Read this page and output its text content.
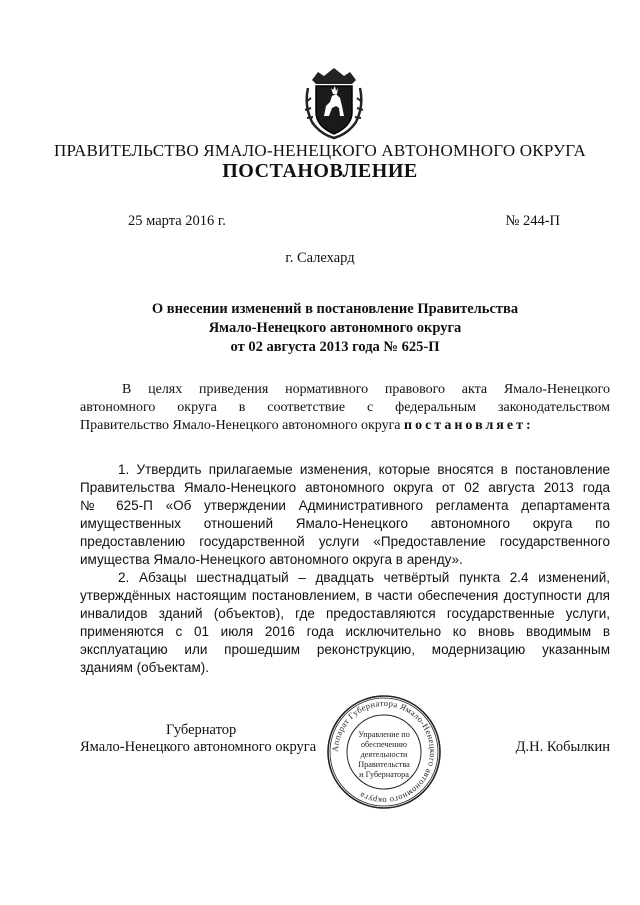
ПРАВИТЕЛЬСТВО ЯМАЛО-НЕНЕЦКОГО АВТОНОМНОГО ОКРУГА
ПОСТАНОВЛЕНИЕ
25 марта 2016 г.	№ 244-П
г. Салехард
О внесении изменений в постановление Правительства
Ямало-Ненецкого автономного округа
от 02 августа 2013 года № 625-П
В целях приведения нормативного правового акта Ямало-Ненецкого
автономного округа в соответствие с федеральным законодательством
Правительство Ямало-Ненецкого автономного округа постановляет:
1. Утвердить прилагаемые изменения, которые вносятся в постановление
Правительства Ямало-Ненецкого автономного округа от 02 августа 2013 года
№ 625-П «Об утверждении Административного регламента департамента
имущественных отношений Ямало-Ненецкого автономного округа по
предоставлению государственной услуги «Предоставление государственного
имущества Ямало-Ненецкого автономного округа в аренду».
2. Абзацы шестнадцатый – двадцать четвёртый пункта 2.4 изменений,
утверждённых настоящим постановлением, в части обеспечения доступности для
инвалидов зданий (объектов), где предоставляются государственные услуги,
применяются с 01 июля 2016 года исключительно ко вновь вводимым в
эксплуатацию или прошедшим реконструкцию, модернизацию указанным
зданиям (объектам).
Губернатор
Ямало-Ненецкого автономного округа	Д.Н. Кобылкин
Аппарат Губернатора Ямало-Ненецкого автономного округа
Управление по
обеспечению
деятельности
Правительства
и Губернатора
